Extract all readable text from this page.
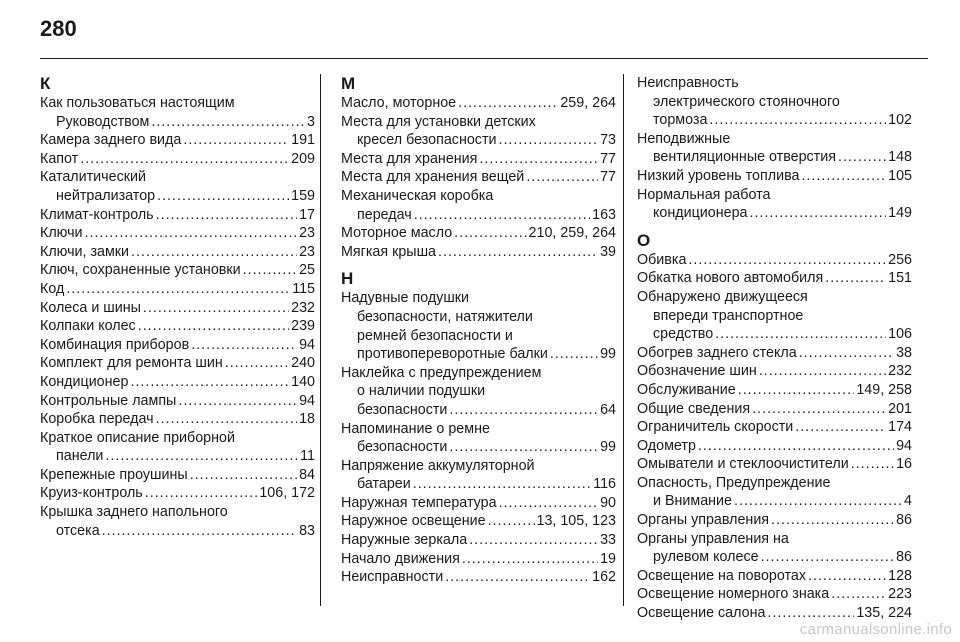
280
К
Как пользоваться настоящим
Руководством .....	3
Камера заднего вида .....	191
Капот .....	209
Каталитический
нейтрализатор .....	159
Климат-контроль .....	17
Ключи .....	23
Ключи, замки .....	23
Ключ, сохраненные установки .....	25
Код .....	115
Колеса и шины .....	232
Колпаки колес .....	239
Комбинация приборов .....	94
Комплект для ремонта шин .....	240
Кондиционер .....	140
Контрольные лампы .....	94
Коробка передач .....	18
Краткое описание приборной
панели .....	11
Крепежные проушины .....	84
Круиз-контроль .....	106, 172
Крышка заднего напольного
отсека .....	83
М
Масло, моторное .....	259, 264
Места для установки детских
кресел безопасности .....	73
Места для хранения .....	77
Места для хранения вещей .....	77
Механическая коробка
передач .....	163
Моторное масло .....	210, 259, 264
Мягкая крыша .....	39
Н
Надувные подушки
безопасности, натяжители
ремней безопасности и
противопереворотные балки .....	99
Наклейка с предупреждением
о наличии подушки
безопасности .....	64
Напоминание о ремне
безопасности .....	99
Напряжение аккумуляторной
батареи .....	116
Наружная температура .....	90
Наружное освещение .....	13, 105, 123
Наружные зеркала .....	33
Начало движения .....	19
Неисправности .....	162
Неисправность
электрического стояночного
тормоза .....	102
Неподвижные
вентиляционные отверстия .....	148
Низкий уровень топлива .....	105
Нормальная работа
кондиционера .....	149
О
Обивка .....	256
Обкатка нового автомобиля .....	151
Обнаружено движущееся
впереди транспортное
средство .....	106
Обогрев заднего стекла .....	38
Обозначение шин .....	232
Обслуживание .....	149, 258
Общие сведения .....	201
Ограничитель скорости .....	174
Одометр .....	94
Омыватели и стеклоочистители .....	16
Опасность, Предупреждение
и Внимание .....	4
Органы управления .....	86
Органы управления на
рулевом колесе .....	86
Освещение на поворотах .....	128
Освещение номерного знака .....	223
Освещение салона .....	135, 224
carmanualsonline.info
